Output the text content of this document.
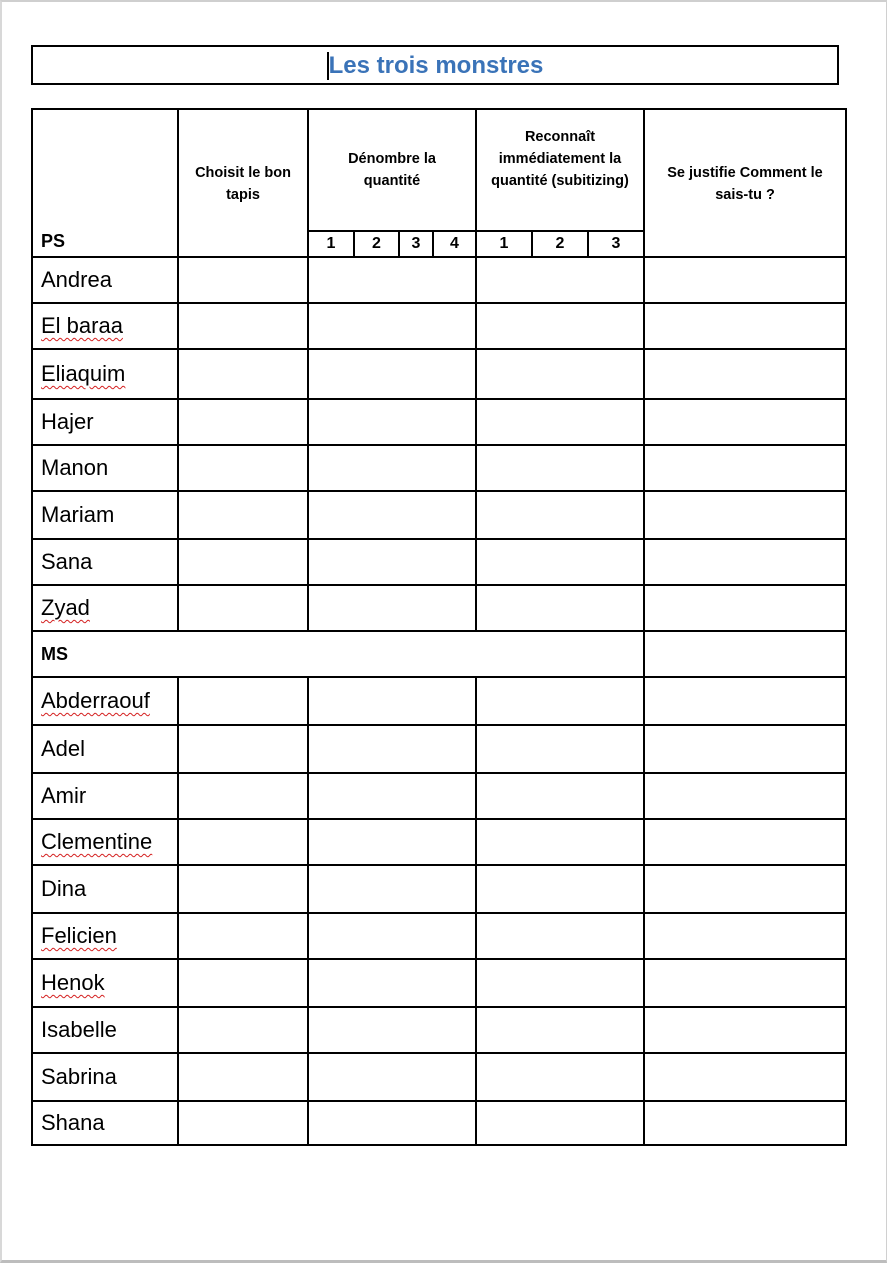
Les trois monstres
PS	Choisit le bon tapis	Dénombre la quantité				Reconnaît immédiatement la quantité (subitizing)			Se justifie Comment le sais-tu ?

		1	2	3	4	1	2	3	
Andrea									
El baraa									
Eliaquim									
Hajer									
Manon									
Mariam									
Sana									
Zyad									
MS									
Abderraouf									
Adel									
Amir									
Clementine									
Dina									
Felicien									
Henok									
Isabelle									
Sabrina									
Shana									
